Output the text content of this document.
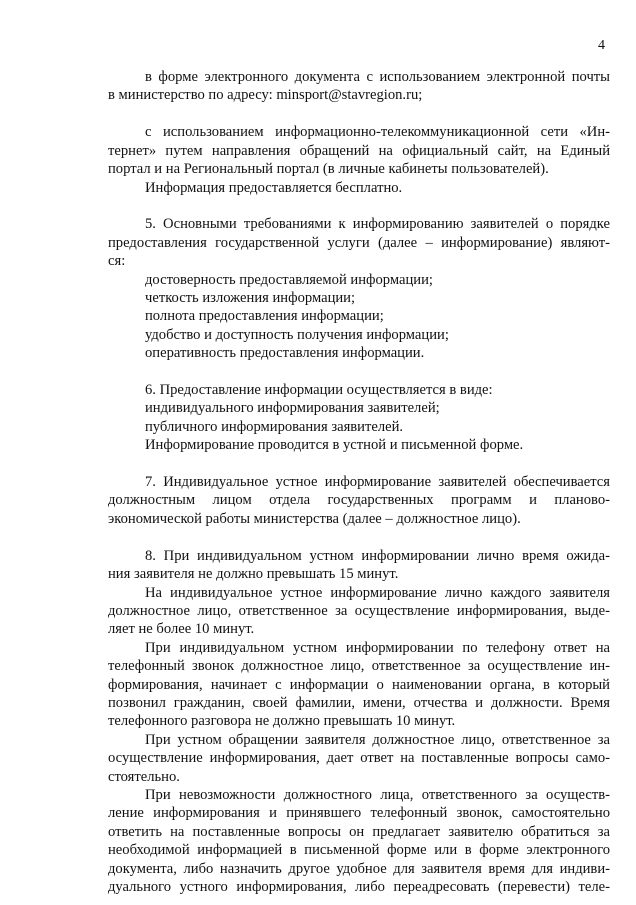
4
в форме электронного документа с использованием электронной почты
в министерство по адресу: minsport@stavregion.ru;
с использованием информационно-телекоммуникационной сети «Ин-
тернет» путем направления обращений на официальный сайт, на Единый
портал и на Региональный портал (в личные кабинеты пользователей).
Информация предоставляется бесплатно.
5. Основными требованиями к информированию заявителей о порядке
предоставления государственной услуги (далее – информирование) являют-
ся:
достоверность предоставляемой информации;
четкость изложения информации;
полнота предоставления информации;
удобство и доступность получения информации;
оперативность предоставления информации.
6. Предоставление информации осуществляется в виде:
индивидуального информирования заявителей;
публичного информирования заявителей.
Информирование проводится в устной и письменной форме.
7. Индивидуальное устное информирование заявителей обеспечивается
должностным лицом отдела государственных программ и планово-
экономической работы министерства (далее – должностное лицо).
8. При индивидуальном устном информировании лично время ожида-
ния заявителя не должно превышать 15 минут.
На индивидуальное устное информирование лично каждого заявителя
должностное лицо, ответственное за осуществление информирования, выде-
ляет не более 10 минут.
При индивидуальном устном информировании по телефону ответ на
телефонный звонок должностное лицо, ответственное за осуществление ин-
формирования, начинает с информации о наименовании органа, в который
позвонил гражданин, своей фамилии, имени, отчества и должности. Время
телефонного разговора не должно превышать 10 минут.
При устном обращении заявителя должностное лицо, ответственное за
осуществление информирования, дает ответ на поставленные вопросы само-
стоятельно.
При невозможности должностного лица, ответственного за осуществ-
ление информирования и принявшего телефонный звонок, самостоятельно
ответить на поставленные вопросы он предлагает заявителю обратиться за
необходимой информацией в письменной форме или в форме электронного
документа, либо назначить другое удобное для заявителя время для индиви-
дуального устного информирования, либо переадресовать (перевести) теле-
